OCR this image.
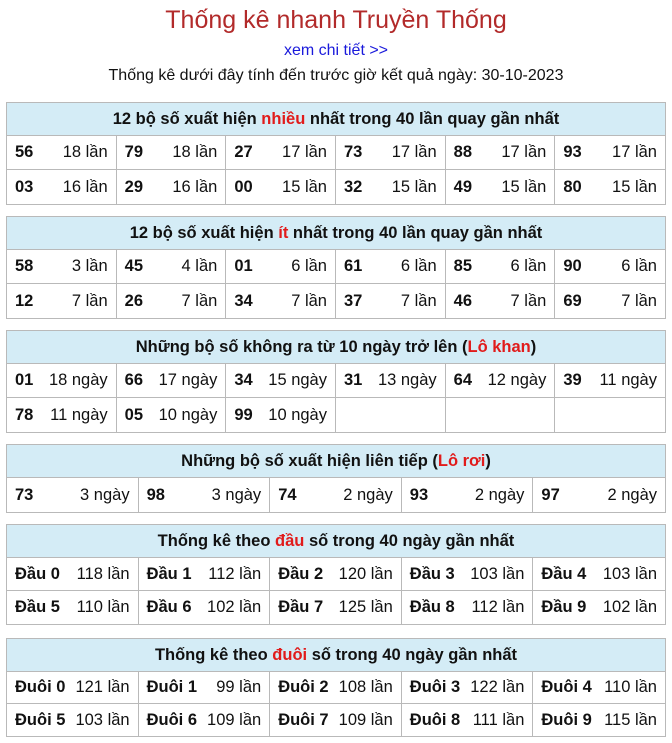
Thống kê nhanh Truyền Thống
xem chi tiết >>
Thống kê dưới đây tính đến trước giờ kết quả ngày: 30-10-2023
12 bộ số xuất hiện nhiều nhất trong 40 lần quay gần nhất
56 18 lần 79 18 lần 27 17 lần 73 17 lần 88 17 lần 93 17 lần
03 16 lần 29 16 lần 00 15 lần 32 15 lần 49 15 lần 80 15 lần
12 bộ số xuất hiện ít nhất trong 40 lần quay gần nhất
58 3 lần 45 4 lần 01 6 lần 61 6 lần 85 6 lần 90 6 lần
12 7 lần 26 7 lần 34 7 lần 37 7 lần 46 7 lần 69 7 lần
Những bộ số không ra từ 10 ngày trở lên (Lô khan)
01 18 ngày 66 17 ngày 34 15 ngày 31 13 ngày 64 12 ngày 39 11 ngày
78 11 ngày 05 10 ngày 99 10 ngày
Những bộ số xuất hiện liên tiếp (Lô rơi)
73	3 ngày 98	3 ngày 74	2 ngày 93	2 ngày 97	2 ngày
Thống kê theo đầu số trong 40 ngày gần nhất
Đầu 0 118 lần Đầu 1 112 lần Đầu 2 120 lần Đầu 3 103 lần Đầu 4 103 lần
Đầu 5 110 lần Đầu 6 102 lần Đầu 7 125 lần Đầu 8 112 lần Đầu 9 102 lần
Thống kê theo đuôi số trong 40 ngày gần nhất
Đuôi 0 121 lần Đuôi 1 99 lần Đuôi 2 108 lần Đuôi 3 122 lần Đuôi 4 110 lần
Đuôi 5 103 lần Đuôi 6 109 lần Đuôi 7 109 lần Đuôi 8 111 lần Đuôi 9 115 lần
